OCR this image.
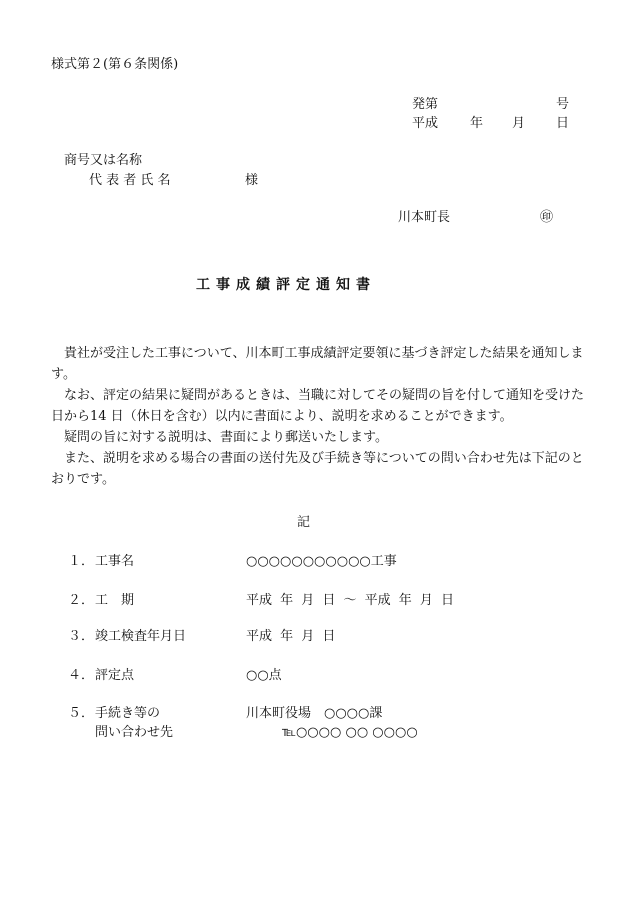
様式第２(第６条関係)
発第	号
平成 年 月 日
商号又は名称
代 表 者 氏 名	様
川本町長	㊞
工事成績評定通知書

貴社が受注した工事について、川本町工事成績評定要領に基づき評定した結果を通知します。

なお、評定の結果に疑問があるときは、当職に対してその疑問の旨を付して通知を受けた日から14 日（休日を含む）以内に書面により、説明を求めることができます。

疑問の旨に対する説明は、書面により郵送いたします。

また、説明を求める場合の書面の送付先及び手続き等についての問い合わせ先は下記のとおりです。

記
１． 工事名	○○○○○○○○○○○工事
２． 工　期	平成 年 月 日 〜 平成 年 月 日
３． 竣工検査年月日	平成 年 月 日
４． 評定点	○○点
５． 手続き等の	川本町役場　○○○○課
問い合わせ先	℡○○○○ ○○ ○○○○
